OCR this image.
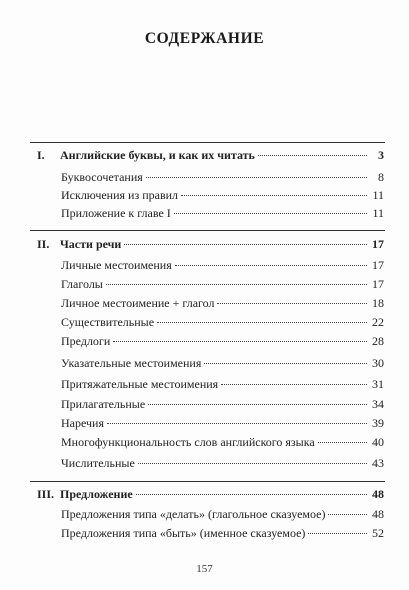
СОДЕРЖАНИЕ
I.	Английские буквы, и как их читать	3
Буквосочетания	8
Исключения из правил	11
Приложение к главе I	11
II. Части речи	17
Личные местоимения	17
Глаголы	17
Личное местоимение + глагол	18
Существительные	22
Предлоги	28
Указательные местоимения	30
Притяжательные местоимения	31
Прилагательные	34
Наречия	39
Многофункциональность слов английского языка	40
Числительные	43
III. Предложение	48
Предложения типа «делать» (глагольное сказуемое)	48
Предложения типа «быть» (именное сказуемое)	52
157
